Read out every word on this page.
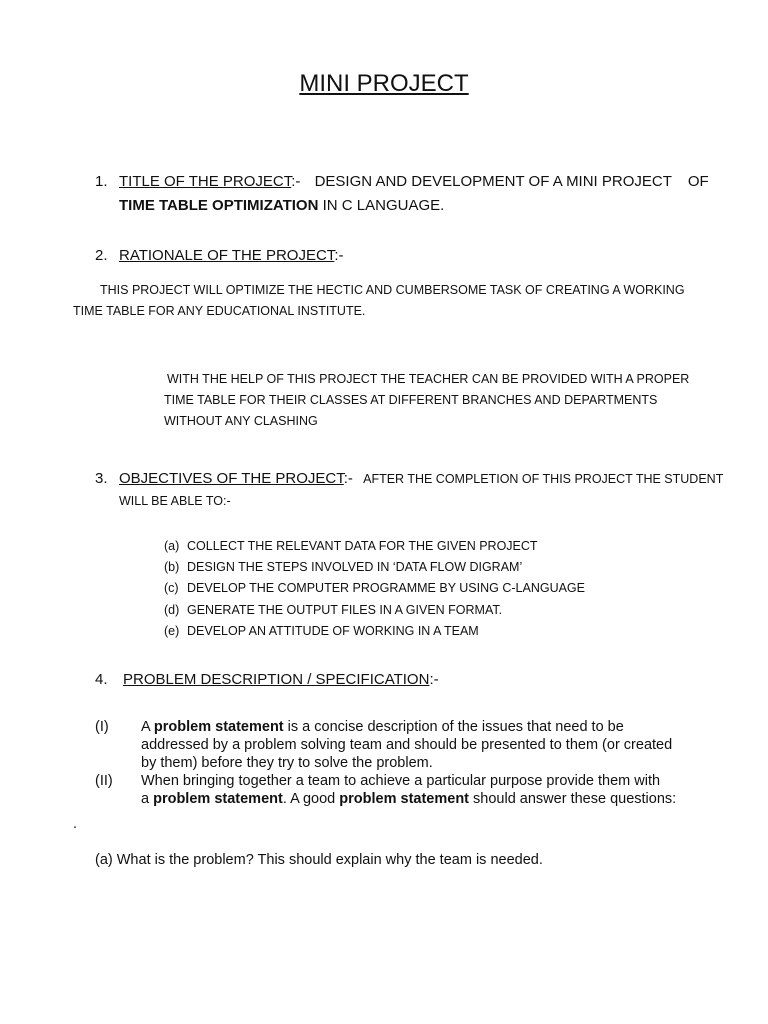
MINI PROJECT
1. TITLE OF THE PROJECT:- DESIGN AND DEVELOPMENT OF A MINI PROJECT OF
TIME TABLE OPTIMIZATION IN C LANGUAGE.
2. RATIONALE OF THE PROJECT:-
THIS PROJECT WILL OPTIMIZE THE HECTIC AND CUMBERSOME TASK OF CREATING A WORKING
TIME TABLE FOR ANY EDUCATIONAL INSTITUTE.
WITH THE HELP OF THIS PROJECT THE TEACHER CAN BE PROVIDED WITH A PROPER
TIME TABLE FOR THEIR CLASSES AT DIFFERENT BRANCHES AND DEPARTMENTS
WITHOUT ANY CLASHING
3. OBJECTIVES OF THE PROJECT:- AFTER THE COMPLETION OF THIS PROJECT THE STUDENT
WILL BE ABLE TO:-
(a) COLLECT THE RELEVANT DATA FOR THE GIVEN PROJECT
(b) DESIGN THE STEPS INVOLVED IN ‘DATA FLOW DIGRAM’
(c) DEVELOP THE COMPUTER PROGRAMME BY USING C-LANGUAGE
(d) GENERATE THE OUTPUT FILES IN A GIVEN FORMAT.
(e) DEVELOP AN ATTITUDE OF WORKING IN A TEAM
4. PROBLEM DESCRIPTION / SPECIFICATION:-
(I) A problem statement is a concise description of the issues that need to be
addressed by a problem solving team and should be presented to them (or created
by them) before they try to solve the problem.
(II) When bringing together a team to achieve a particular purpose provide them with
a problem statement. A good problem statement should answer these questions:
.
(a) What is the problem? This should explain why the team is needed.
